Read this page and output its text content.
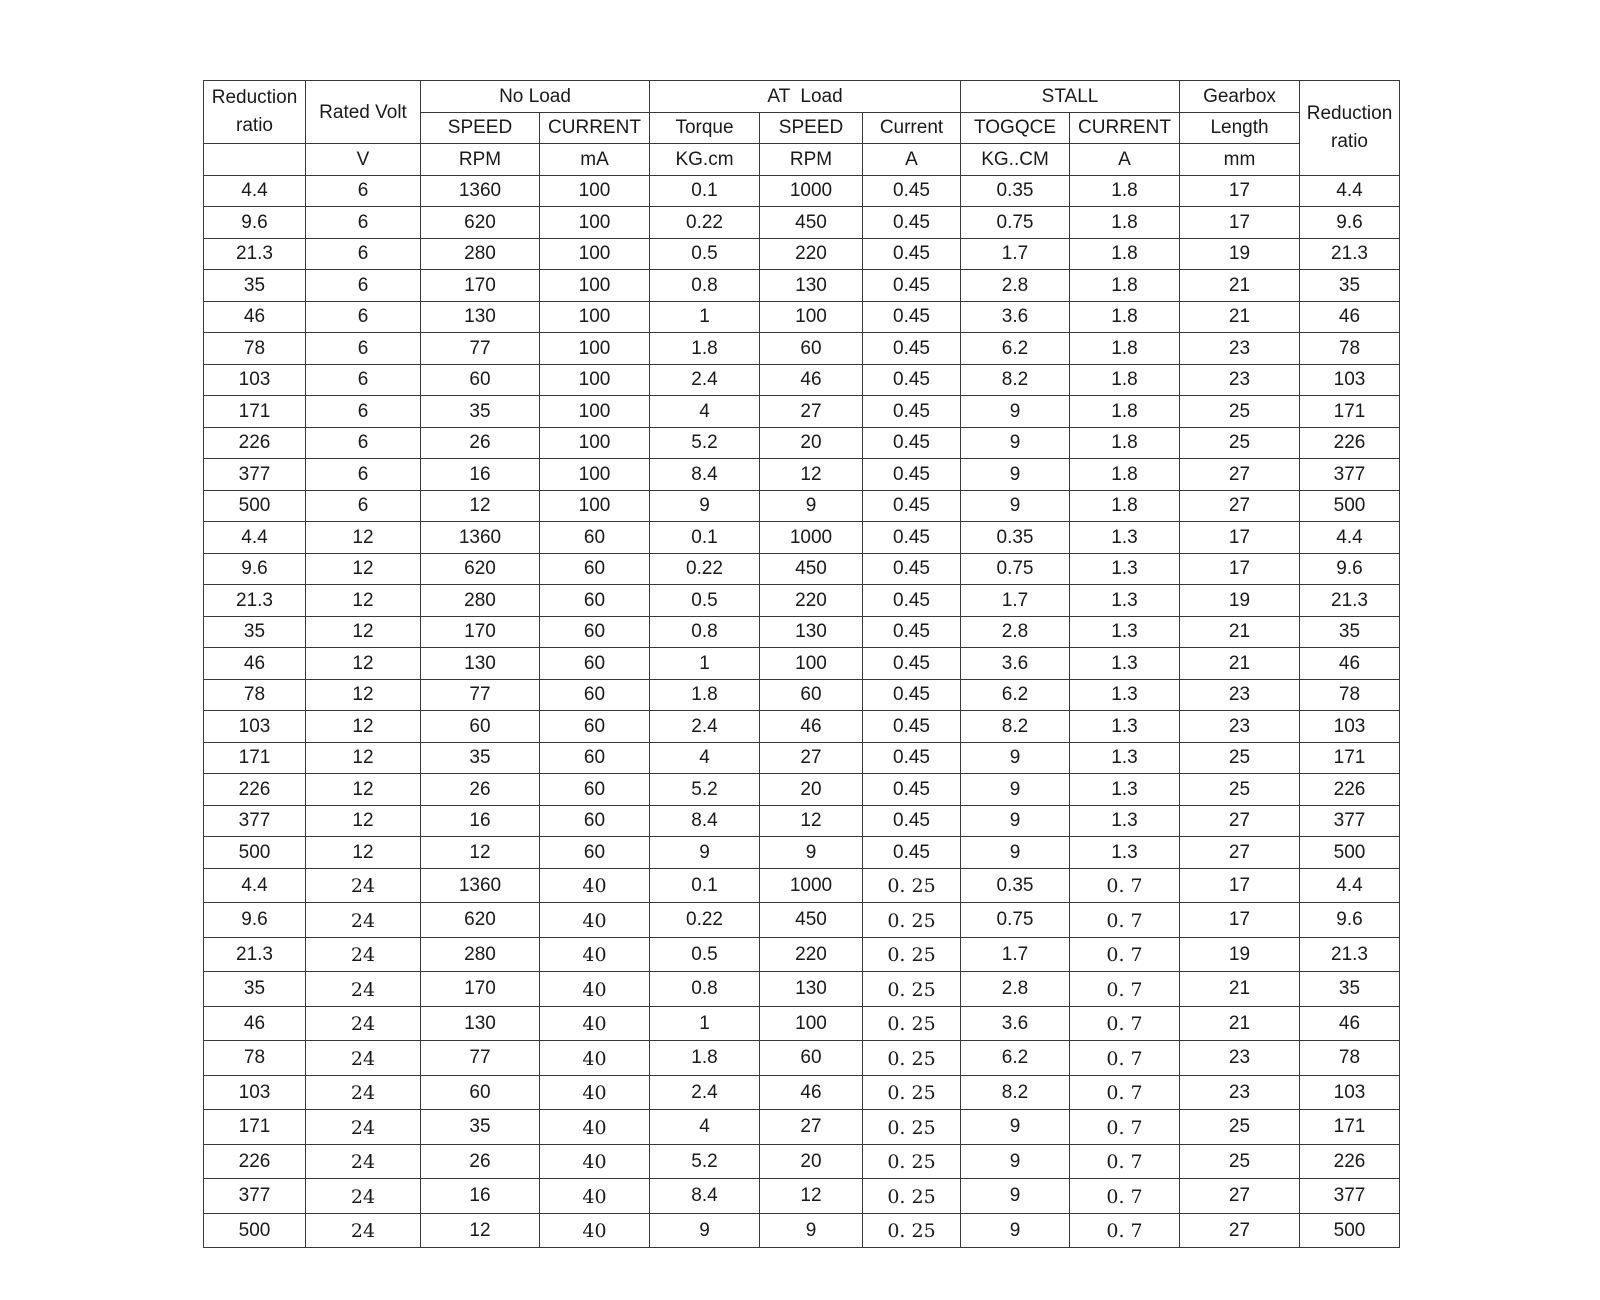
Reduction ratio	Rated Volt	No Load		AT  Load			STALL		Gearbox	Reduction ratio
		SPEED	CURRENT	Torque	SPEED	Current	TOGQCE	CURRENT	Length	
	V	RPM	mA	KG.cm	RPM	A	KG..CM	A	mm	
4.4	6	1360	100	0.1	1000	0.45	0.35	1.8	17	4.4
9.6	6	620	100	0.22	450	0.45	0.75	1.8	17	9.6
21.3	6	280	100	0.5	220	0.45	1.7	1.8	19	21.3
35	6	170	100	0.8	130	0.45	2.8	1.8	21	35
46	6	130	100	1	100	0.45	3.6	1.8	21	46
78	6	77	100	1.8	60	0.45	6.2	1.8	23	78
103	6	60	100	2.4	46	0.45	8.2	1.8	23	103
171	6	35	100	4	27	0.45	9	1.8	25	171
226	6	26	100	5.2	20	0.45	9	1.8	25	226
377	6	16	100	8.4	12	0.45	9	1.8	27	377
500	6	12	100	9	9	0.45	9	1.8	27	500
4.4	12	1360	60	0.1	1000	0.45	0.35	1.3	17	4.4
9.6	12	620	60	0.22	450	0.45	0.75	1.3	17	9.6
21.3	12	280	60	0.5	220	0.45	1.7	1.3	19	21.3
35	12	170	60	0.8	130	0.45	2.8	1.3	21	35
46	12	130	60	1	100	0.45	3.6	1.3	21	46
78	12	77	60	1.8	60	0.45	6.2	1.3	23	78
103	12	60	60	2.4	46	0.45	8.2	1.3	23	103
171	12	35	60	4	27	0.45	9	1.3	25	171
226	12	26	60	5.2	20	0.45	9	1.3	25	226
377	12	16	60	8.4	12	0.45	9	1.3	27	377
500	12	12	60	9	9	0.45	9	1.3	27	500
4.4	24	1360	40	0.1	1000	0. 25	0.35	0. 7	17	4.4
9.6	24	620	40	0.22	450	0. 25	0.75	0. 7	17	9.6
21.3	24	280	40	0.5	220	0. 25	1.7	0. 7	19	21.3
35	24	170	40	0.8	130	0. 25	2.8	0. 7	21	35
46	24	130	40	1	100	0. 25	3.6	0. 7	21	46
78	24	77	40	1.8	60	0. 25	6.2	0. 7	23	78
103	24	60	40	2.4	46	0. 25	8.2	0. 7	23	103
171	24	35	40	4	27	0. 25	9	0. 7	25	171
226	24	26	40	5.2	20	0. 25	9	0. 7	25	226
377	24	16	40	8.4	12	0. 25	9	0. 7	27	377
500	24	12	40	9	9	0. 25	9	0. 7	27	500
